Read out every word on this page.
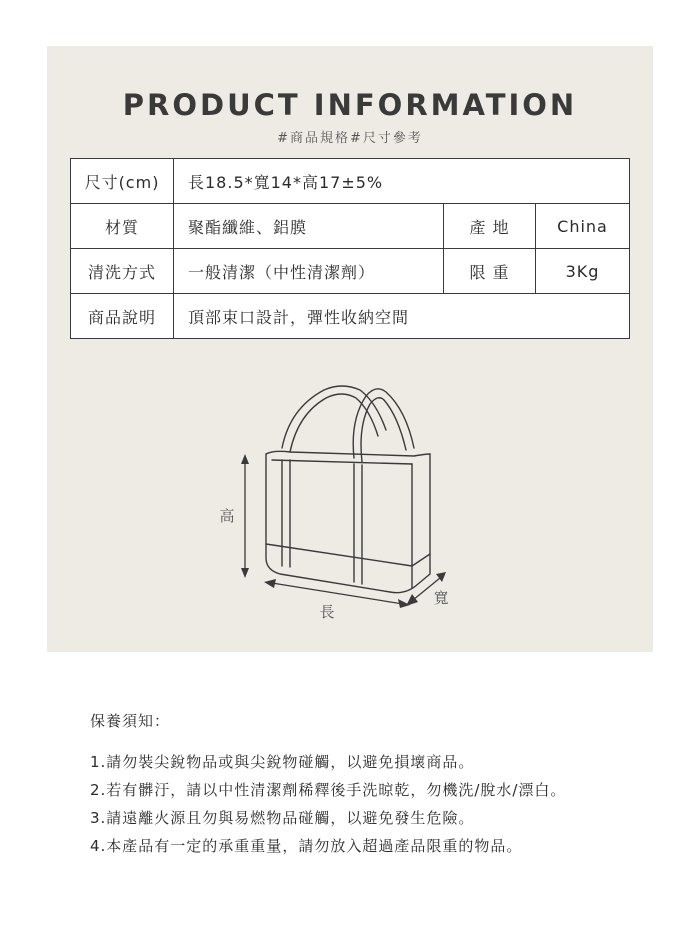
PRODUCT INFORMATION
#商品規格#尺寸參考
尺寸(cm)	長18.5*寬14*高17±5%		
材質	聚酯纖維、鋁膜	產 地	China
清洗方式	一般清潔（中性清潔劑）	限 重	3Kg
商品說明	頂部束口設計，彈性收納空間		
高
長
寬
保養須知：
1.請勿裝尖銳物品或與尖銳物碰觸，以避免損壞商品。
2.若有髒汙，請以中性清潔劑稀釋後手洗晾乾，勿機洗/脫水/漂白。
3.請遠離火源且勿與易燃物品碰觸，以避免發生危險。
4.本產品有一定的承重重量，請勿放入超過產品限重的物品。
